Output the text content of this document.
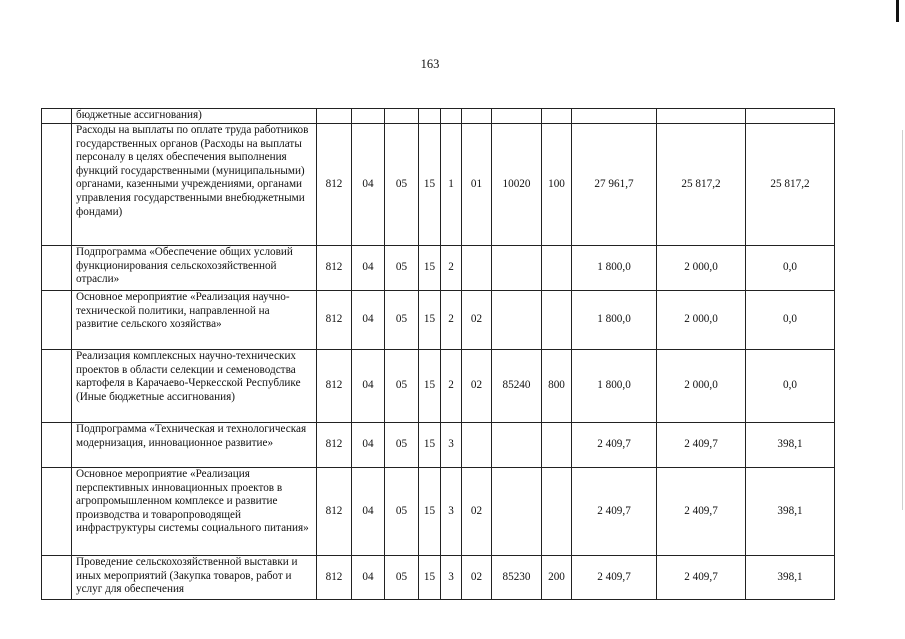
163
	бюджетные ассигнования)											
	Расходы на выплаты по оплате труда работников государственных органов (Расходы на выплаты персоналу в целях обеспечения выполнения функций государственными (муниципальными) органами, казенными учреждениями, органами управления государственными внебюджетными фондами)	812	04	05	15	1	01	10020	100	27 961,7	25 817,2	25 817,2
	Подпрограмма «Обеспечение общих условий функционирования сельскохозяйственной отрасли»	812	04	05	15	2				1 800,0	2 000,0	0,0
	Основное мероприятие «Реализация научно-технической политики, направленной на развитие сельского хозяйства»	812	04	05	15	2	02			1 800,0	2 000,0	0,0
	Реализация комплексных научно-технических проектов в области селекции и семеноводства картофеля в Карачаево-Черкесской Республике (Иные бюджетные ассигнования)	812	04	05	15	2	02	85240	800	1 800,0	2 000,0	0,0
	Подпрограмма «Техническая и технологическая модернизация, инновационное развитие»	812	04	05	15	3				2 409,7	2 409,7	398,1
	Основное мероприятие «Реализация перспективных инновационных проектов в агропромышленном комплексе и развитие производства и товаропроводящей инфраструктуры системы социального питания»	812	04	05	15	3	02			2 409,7	2 409,7	398,1
	Проведение сельскохозяйственной выставки и иных мероприятий (Закупка товаров, работ и услуг для обеспечения	812	04	05	15	3	02	85230	200	2 409,7	2 409,7	398,1
